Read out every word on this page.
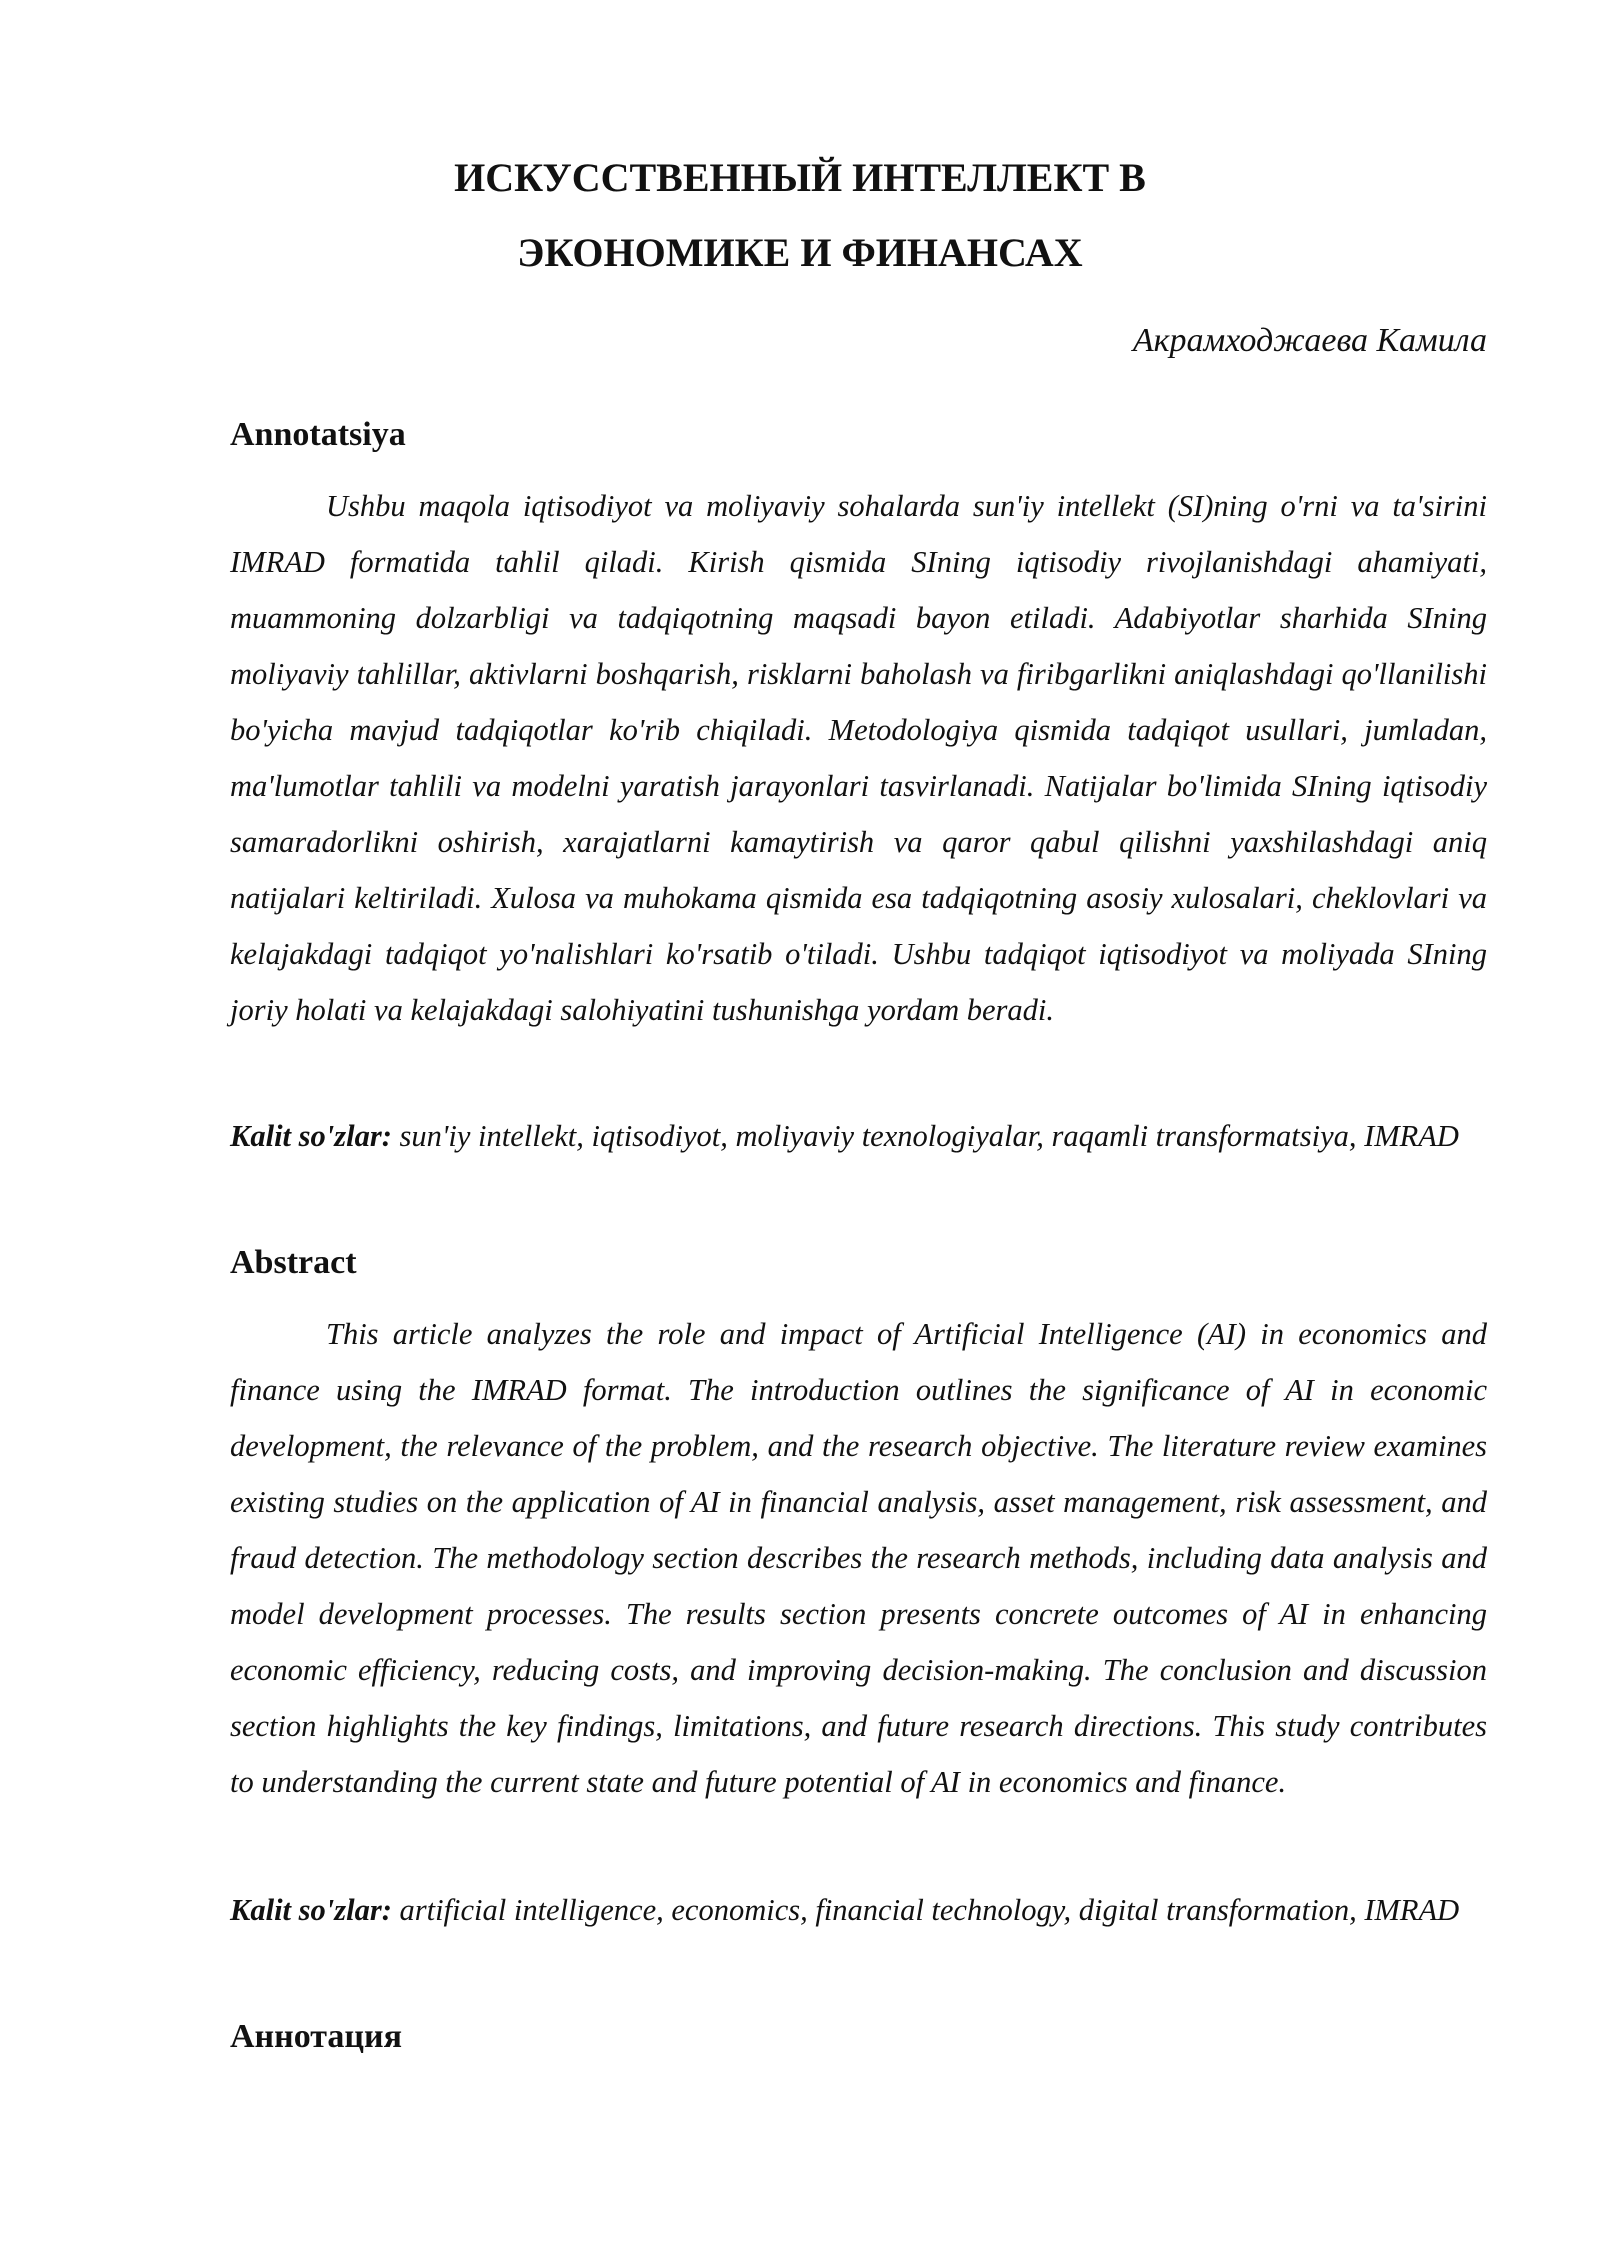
ИСКУССТВЕННЫЙ ИНТЕЛЛЕКТ В
ЭКОНОМИКЕ И ФИНАНСАХ

Акрамходжаева Камила

Annotatsiya

Ushbu maqola iqtisodiyot va moliyaviy sohalarda sun'iy intellekt (SI)ning o'rni va ta'sirini IMRAD formatida tahlil qiladi. Kirish qismida SIning iqtisodiy rivojlanishdagi ahamiyati, muammoning dolzarbligi va tadqiqotning maqsadi bayon etiladi. Adabiyotlar sharhida SIning moliyaviy tahlillar, aktivlarni boshqarish, risklarni baholash va firibgarlikni aniqlashdagi qo'llanilishi bo'yicha mavjud tadqiqotlar ko'rib chiqiladi. Metodologiya qismida tadqiqot usullari, jumladan, ma'lumotlar tahlili va modelni yaratish jarayonlari tasvirlanadi. Natijalar bo'limida SIning iqtisodiy samaradorlikni oshirish, xarajatlarni kamaytirish va qaror qabul qilishni yaxshilashdagi aniq natijalari keltiriladi. Xulosa va muhokama qismida esa tadqiqotning asosiy xulosalari, cheklovlari va kelajakdagi tadqiqot yo'nalishlari ko'rsatib o'tiladi. Ushbu tadqiqot iqtisodiyot va moliyada SIning joriy holati va kelajakdagi salohiyatini tushunishga yordam beradi.

Kalit so'zlar: sun'iy intellekt, iqtisodiyot, moliyaviy texnologiyalar, raqamli transformatsiya, IMRAD

Abstract

This article analyzes the role and impact of Artificial Intelligence (AI) in economics and finance using the IMRAD format. The introduction outlines the significance of AI in economic development, the relevance of the problem, and the research objective. The literature review examines existing studies on the application of AI in financial analysis, asset management, risk assessment, and fraud detection. The methodology section describes the research methods, including data analysis and model development processes. The results section presents concrete outcomes of AI in enhancing economic efficiency, reducing costs, and improving decision-making. The conclusion and discussion section highlights the key findings, limitations, and future research directions. This study contributes to understanding the current state and future potential of AI in economics and finance.

Kalit so'zlar: artificial intelligence, economics, financial technology, digital transformation, IMRAD

Аннотация
